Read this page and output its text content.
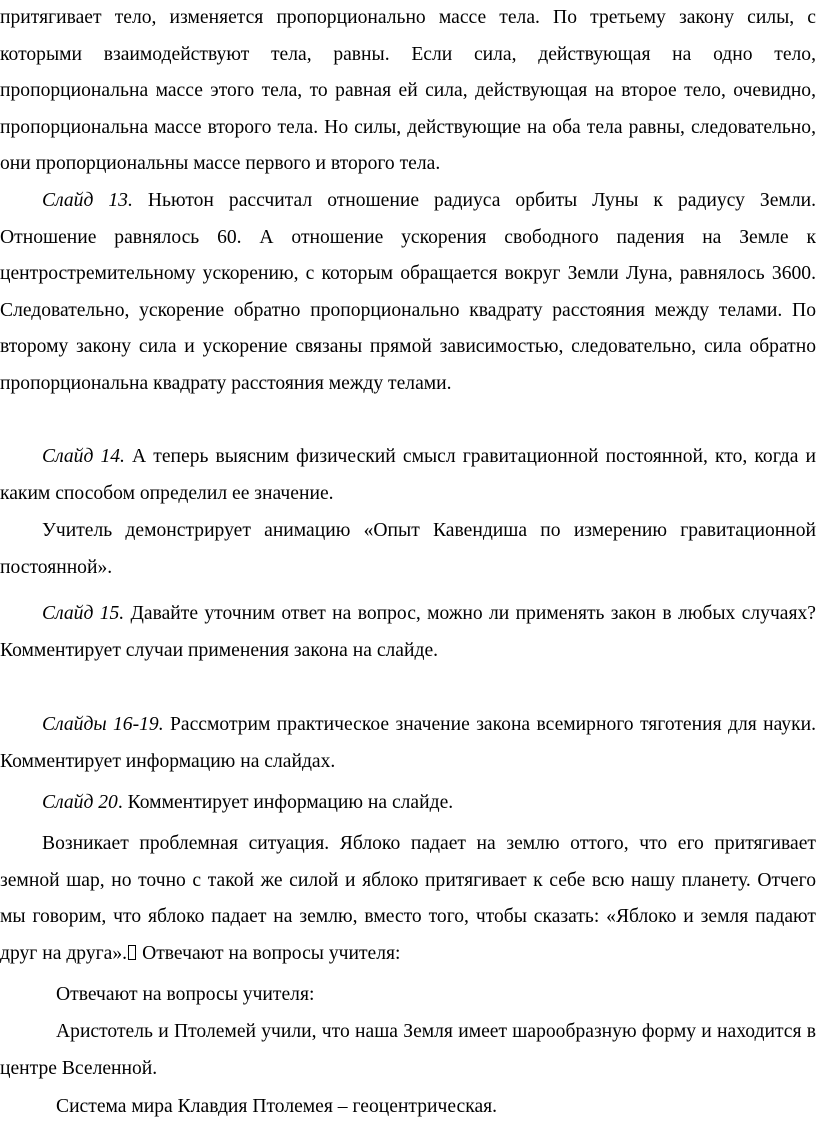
притягивает тело, изменяется пропорционально массе тела. По третьему закону силы, с которыми взаимодействуют тела, равны. Если сила, действующая на одно тело, пропорциональна массе этого тела, то равная ей сила, действующая на второе тело, очевидно, пропорциональна массе второго тела. Но силы, действующие на оба тела равны, следовательно, они пропорциональны массе первого и второго тела.

Слайд 13. Ньютон рассчитал отношение радиуса орбиты Луны к радиусу Земли. Отношение равнялось 60. А отношение ускорения свободного падения на Земле к центростремительному ускорению, с которым обращается вокруг Земли Луна, равнялось 3600. Следовательно, ускорение обратно пропорционально квадрату расстояния между телами. По второму закону сила и ускорение связаны прямой зависимостью, следовательно, сила обратно пропорциональна квадрату расстояния между телами.

Слайд 14. А теперь выясним физический смысл гравитационной постоянной, кто, когда и каким способом определил ее значение.

Учитель демонстрирует анимацию «Опыт Кавендиша по измерению гравитационной постоянной».

Слайд 15. Давайте уточним ответ на вопрос, можно ли применять закон в любых случаях? Комментирует случаи применения закона на слайде.

Слайды 16-19. Рассмотрим практическое значение закона всемирного тяготения для науки. Комментирует информацию на слайдах.

Слайд 20. Комментирует информацию на слайде.

Возникает проблемная ситуация. Яблоко падает на землю оттого, что его притягивает земной шар, но точно с такой же силой и яблоко притягивает к себе всю нашу планету. Отчего мы говорим, что яблоко падает на землю, вместо того, чтобы сказать: «Яблоко и земля падают друг на друга». Отвечают на вопросы учителя:

Отвечают на вопросы учителя:

Аристотель и Птолемей учили, что наша Земля имеет шарообразную форму и находится в центре Вселенной.

Система мира Клавдия Птолемея – геоцентрическая.
